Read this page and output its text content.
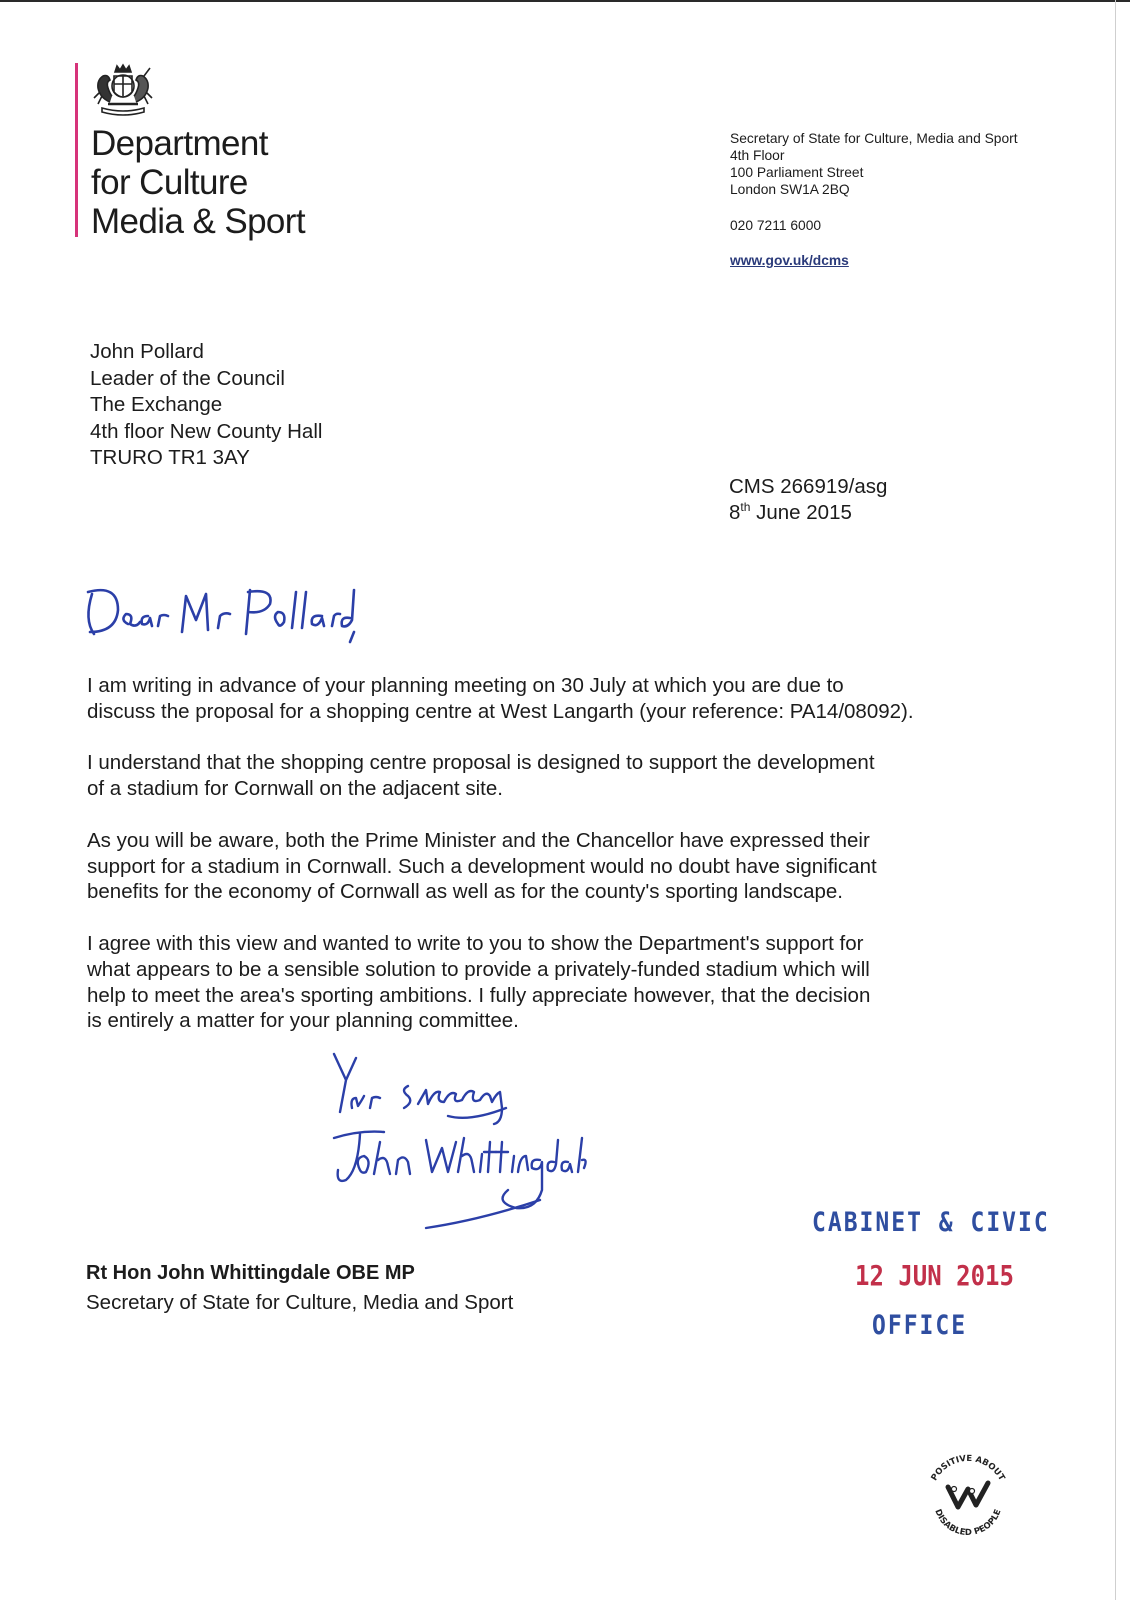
Department
for Culture
Media & Sport
Secretary of State for Culture, Media and Sport
4th Floor
100 Parliament Street
London SW1A 2BQ
020 7211 6000
www.gov.uk/dcms
John Pollard
Leader of the Council
The Exchange
4th floor New County Hall
TRURO TR1 3AY
CMS 266919/asg
8th June 2015
Dear Mr Pollard,
I am writing in advance of your planning meeting on 30 July at which you are due to
discuss the proposal for a shopping centre at West Langarth (your reference: PA14/08092).
I understand that the shopping centre proposal is designed to support the development
of a stadium for Cornwall on the adjacent site.
As you will be aware, both the Prime Minister and the Chancellor have expressed their
support for a stadium in Cornwall. Such a development would no doubt have significant
benefits for the economy of Cornwall as well as for the county's sporting landscape.
I agree with this view and wanted to write to you to show the Department's support for
what appears to be a sensible solution to provide a privately-funded stadium which will
help to meet the area's sporting ambitions. I fully appreciate however, that the decision
is entirely a matter for your planning committee.
Yours sincerely
John Whittingdale
Rt Hon John Whittingdale OBE MP
Secretary of State for Culture, Media and Sport
CABINET & CIVIC
12 JUN 2015
OFFICE
POSITIVE ABOUT
DISABLED PEOPLE
